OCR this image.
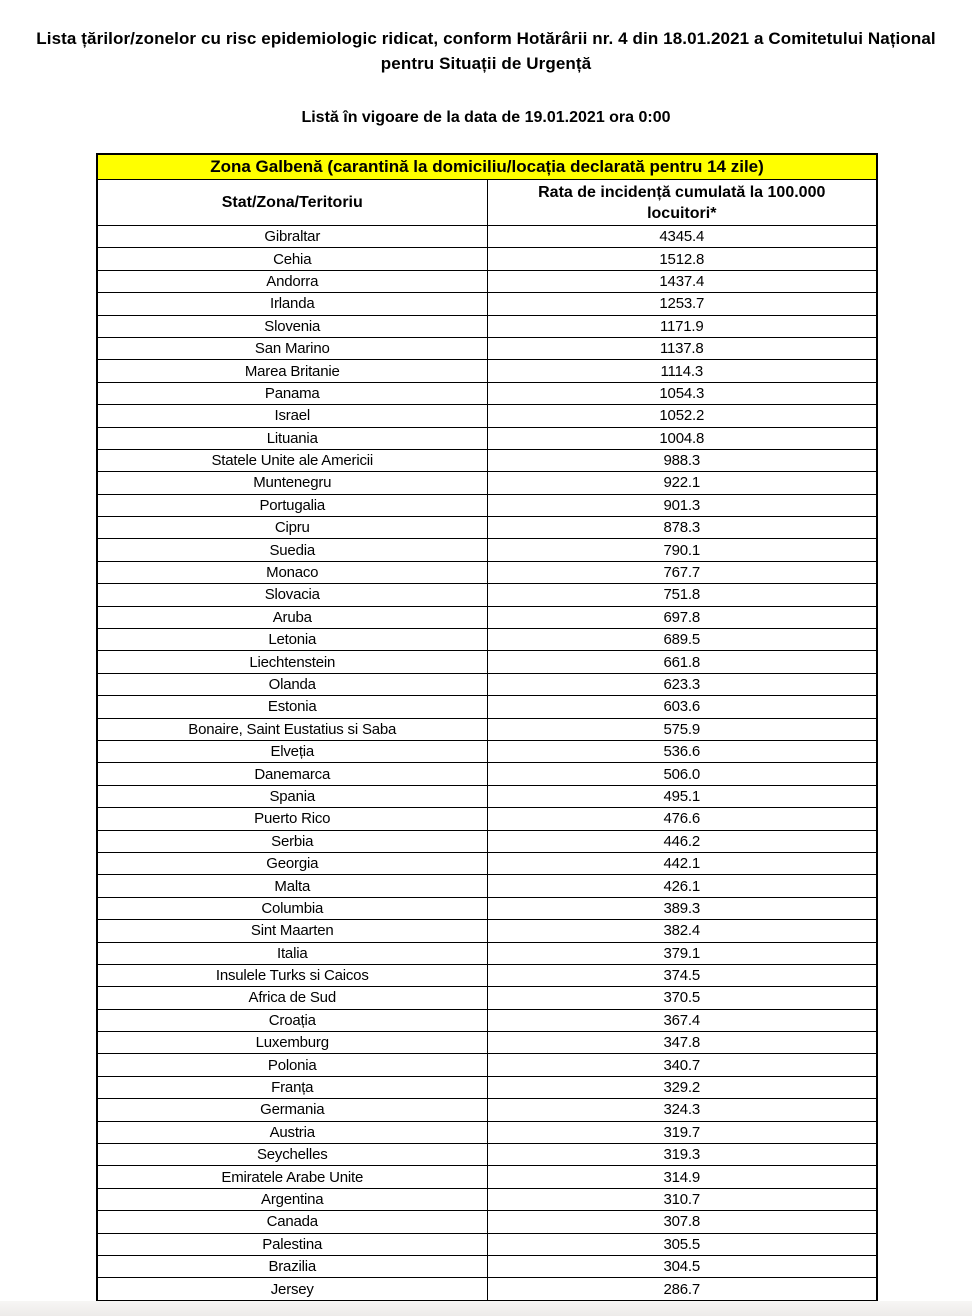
Lista țărilor/zonelor cu risc epidemiologic ridicat, conform Hotărârii nr. 4 din 18.01.2021 a Comitetului Național pentru Situații de Urgență
Listă în vigoare de la data de 19.01.2021 ora 0:00
Zona Galbenă (carantină la domiciliu/locația declarată pentru 14 zile)	
Stat/Zona/Teritoriu	Rata de incidență cumulată la 100.000 locuitori*
Gibraltar	4345.4
Cehia	1512.8
Andorra	1437.4
Irlanda	1253.7
Slovenia	1171.9
San Marino	1137.8
Marea Britanie	1114.3
Panama	1054.3
Israel	1052.2
Lituania	1004.8
Statele Unite ale Americii	988.3
Muntenegru	922.1
Portugalia	901.3
Cipru	878.3
Suedia	790.1
Monaco	767.7
Slovacia	751.8
Aruba	697.8
Letonia	689.5
Liechtenstein	661.8
Olanda	623.3
Estonia	603.6
Bonaire, Saint Eustatius si Saba	575.9
Elveția	536.6
Danemarca	506.0
Spania	495.1
Puerto Rico	476.6
Serbia	446.2
Georgia	442.1
Malta	426.1
Columbia	389.3
Sint Maarten	382.4
Italia	379.1
Insulele Turks si Caicos	374.5
Africa de Sud	370.5
Croația	367.4
Luxemburg	347.8
Polonia	340.7
Franța	329.2
Germania	324.3
Austria	319.7
Seychelles	319.3
Emiratele Arabe Unite	314.9
Argentina	310.7
Canada	307.8
Palestina	305.5
Brazilia	304.5
Jersey	286.7
